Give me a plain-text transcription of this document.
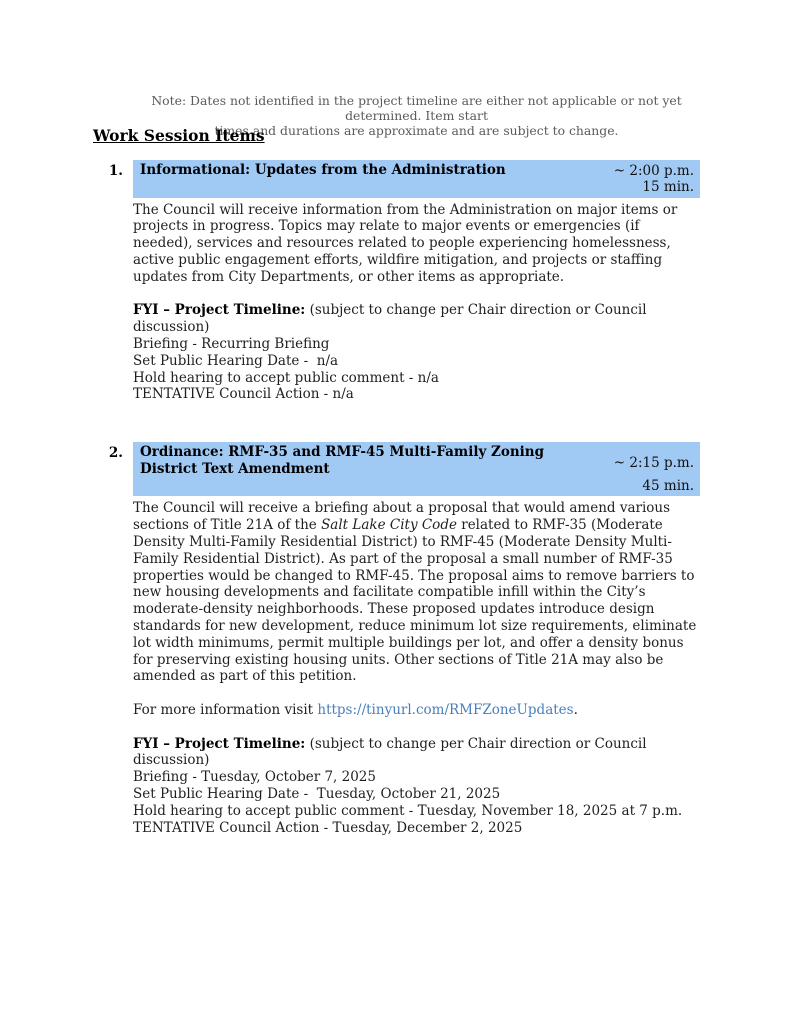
Note: Dates not identified in the project timeline are either not applicable or not yet determined. Item start
times and durations are approximate and are subject to change.
Work Session Items
1. Informational: Updates from the Administration	~ 2:00 p.m.
15 min.
The Council will receive information from the Administration on major items or projects in progress. Topics may relate to major events or emergencies (if needed), services and resources related to people experiencing homelessness, active public engagement efforts, wildfire mitigation, and projects or staffing updates from City Departments, or other items as appropriate.
FYI – Project Timeline: (subject to change per Chair direction or Council discussion)
Briefing - Recurring Briefing
Set Public Hearing Date -  n/a
Hold hearing to accept public comment - n/a
TENTATIVE Council Action - n/a
2. Ordinance: RMF-35 and RMF-45 Multi-Family Zoning District Text Amendment	~ 2:15 p.m.
45 min.
The Council will receive a briefing about a proposal that would amend various sections of Title 21A of the Salt Lake City Code related to RMF-35 (Moderate Density Multi-Family Residential District) to RMF-45 (Moderate Density Multi-Family Residential District). As part of the proposal a small number of RMF-35 properties would be changed to RMF-45. The proposal aims to remove barriers to new housing developments and facilitate compatible infill within the City’s moderate-density neighborhoods. These proposed updates introduce design standards for new development, reduce minimum lot size requirements, eliminate lot width minimums, permit multiple buildings per lot, and offer a density bonus for preserving existing housing units. Other sections of Title 21A may also be amended as part of this petition.
For more information visit https://tinyurl.com/RMFZoneUpdates.
FYI – Project Timeline: (subject to change per Chair direction or Council discussion)
Briefing - Tuesday, October 7, 2025
Set Public Hearing Date -  Tuesday, October 21, 2025
Hold hearing to accept public comment - Tuesday, November 18, 2025 at 7 p.m.
TENTATIVE Council Action - Tuesday, December 2, 2025
